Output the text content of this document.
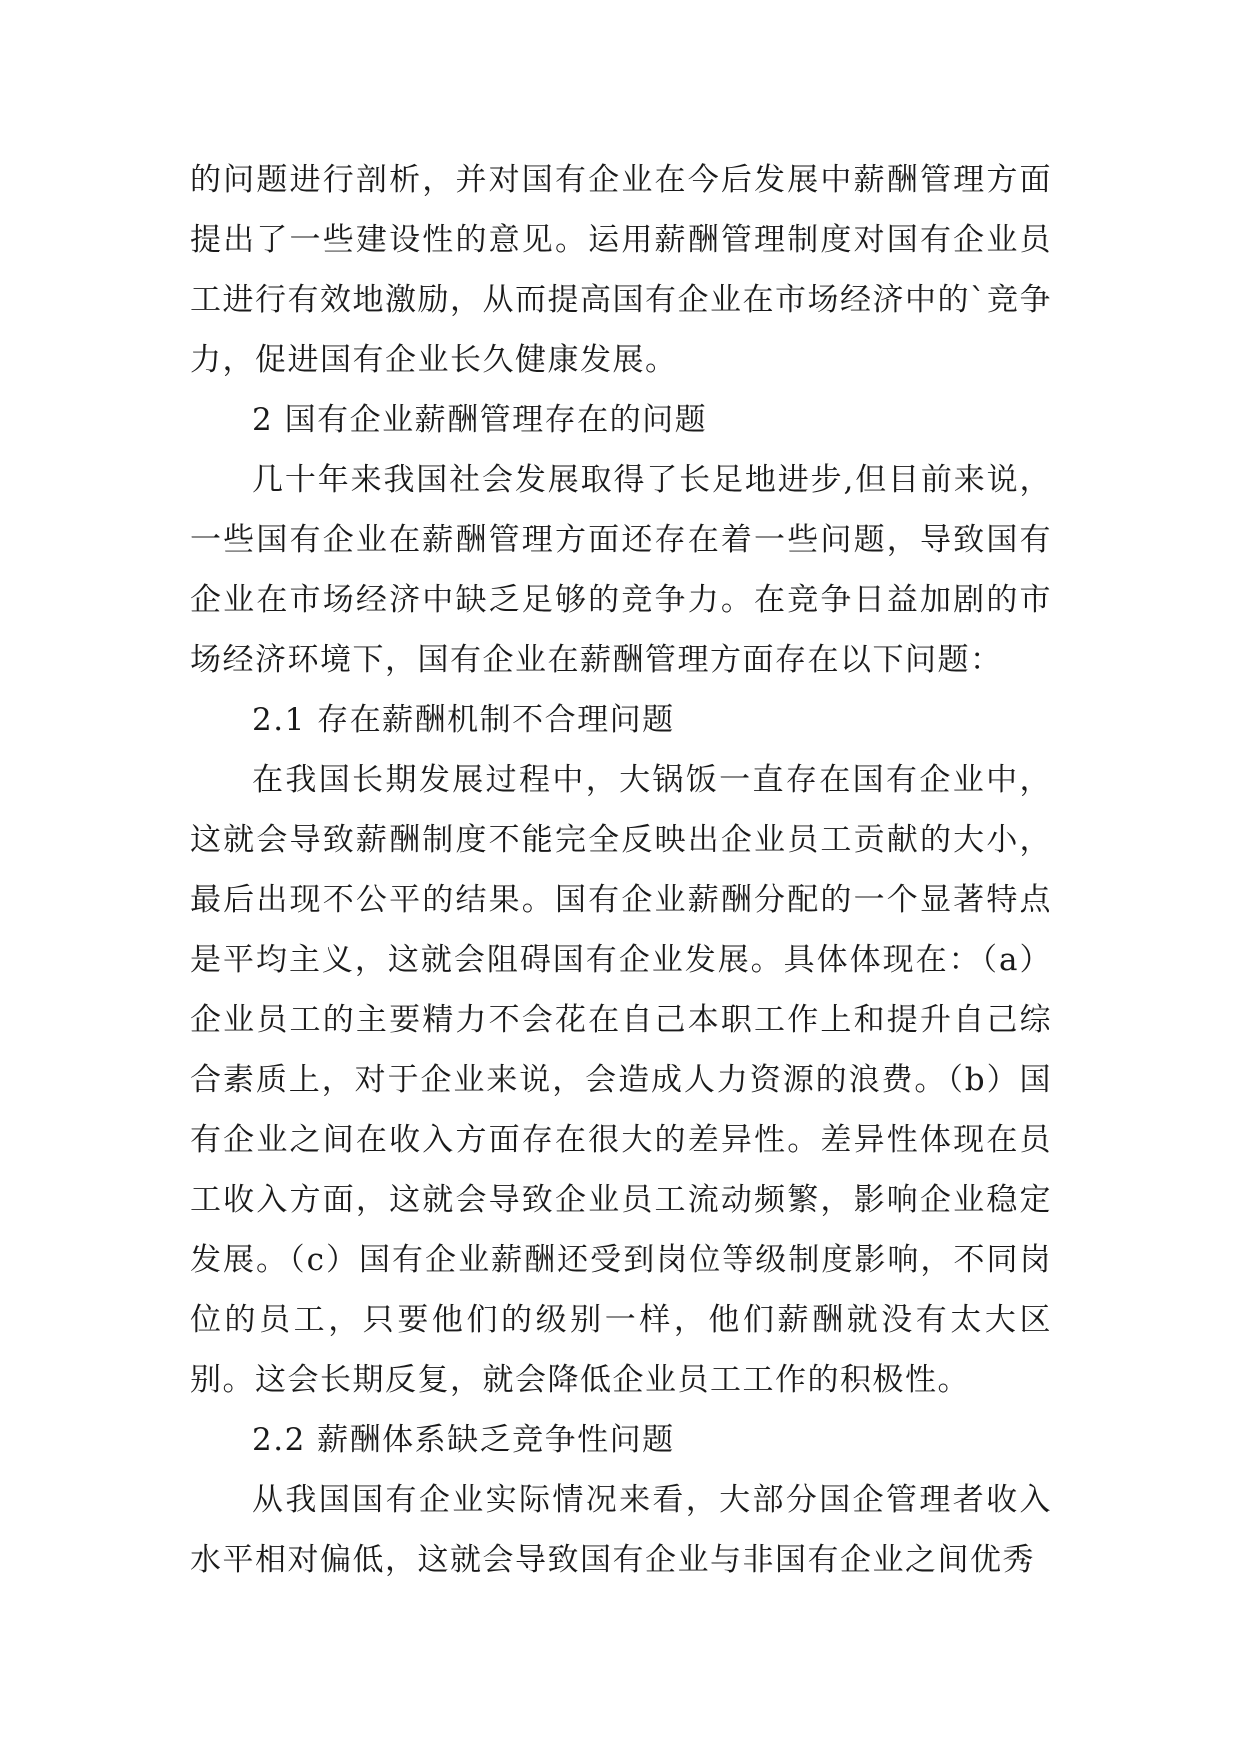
的问题进行剖析，并对国有企业在今后发展中薪酬管理方面提出了一些建设性的意见。运用薪酬管理制度对国有企业员工进行有效地激励，从而提高国有企业在市场经济中的`竞争力，促进国有企业长久健康发展。

2 国有企业薪酬管理存在的问题

几十年来我国社会发展取得了长足地进步,但目前来说，一些国有企业在薪酬管理方面还存在着一些问题，导致国有企业在市场经济中缺乏足够的竞争力。在竞争日益加剧的市场经济环境下，国有企业在薪酬管理方面存在以下问题：

2.1 存在薪酬机制不合理问题

在我国长期发展过程中，大锅饭一直存在国有企业中，这就会导致薪酬制度不能完全反映出企业员工贡献的大小，最后出现不公平的结果。国有企业薪酬分配的一个显著特点是平均主义，这就会阻碍国有企业发展。具体体现在：（a）企业员工的主要精力不会花在自己本职工作上和提升自己综合素质上，对于企业来说，会造成人力资源的浪费。（b）国有企业之间在收入方面存在很大的差异性。差异性体现在员工收入方面，这就会导致企业员工流动频繁，影响企业稳定发展。（c）国有企业薪酬还受到岗位等级制度影响，不同岗位的员工，只要他们的级别一样，他们薪酬就没有太大区别。这会长期反复，就会降低企业员工工作的积极性。

2.2 薪酬体系缺乏竞争性问题

从我国国有企业实际情况来看，大部分国企管理者收入水平相对偏低，这就会导致国有企业与非国有企业之间优秀
